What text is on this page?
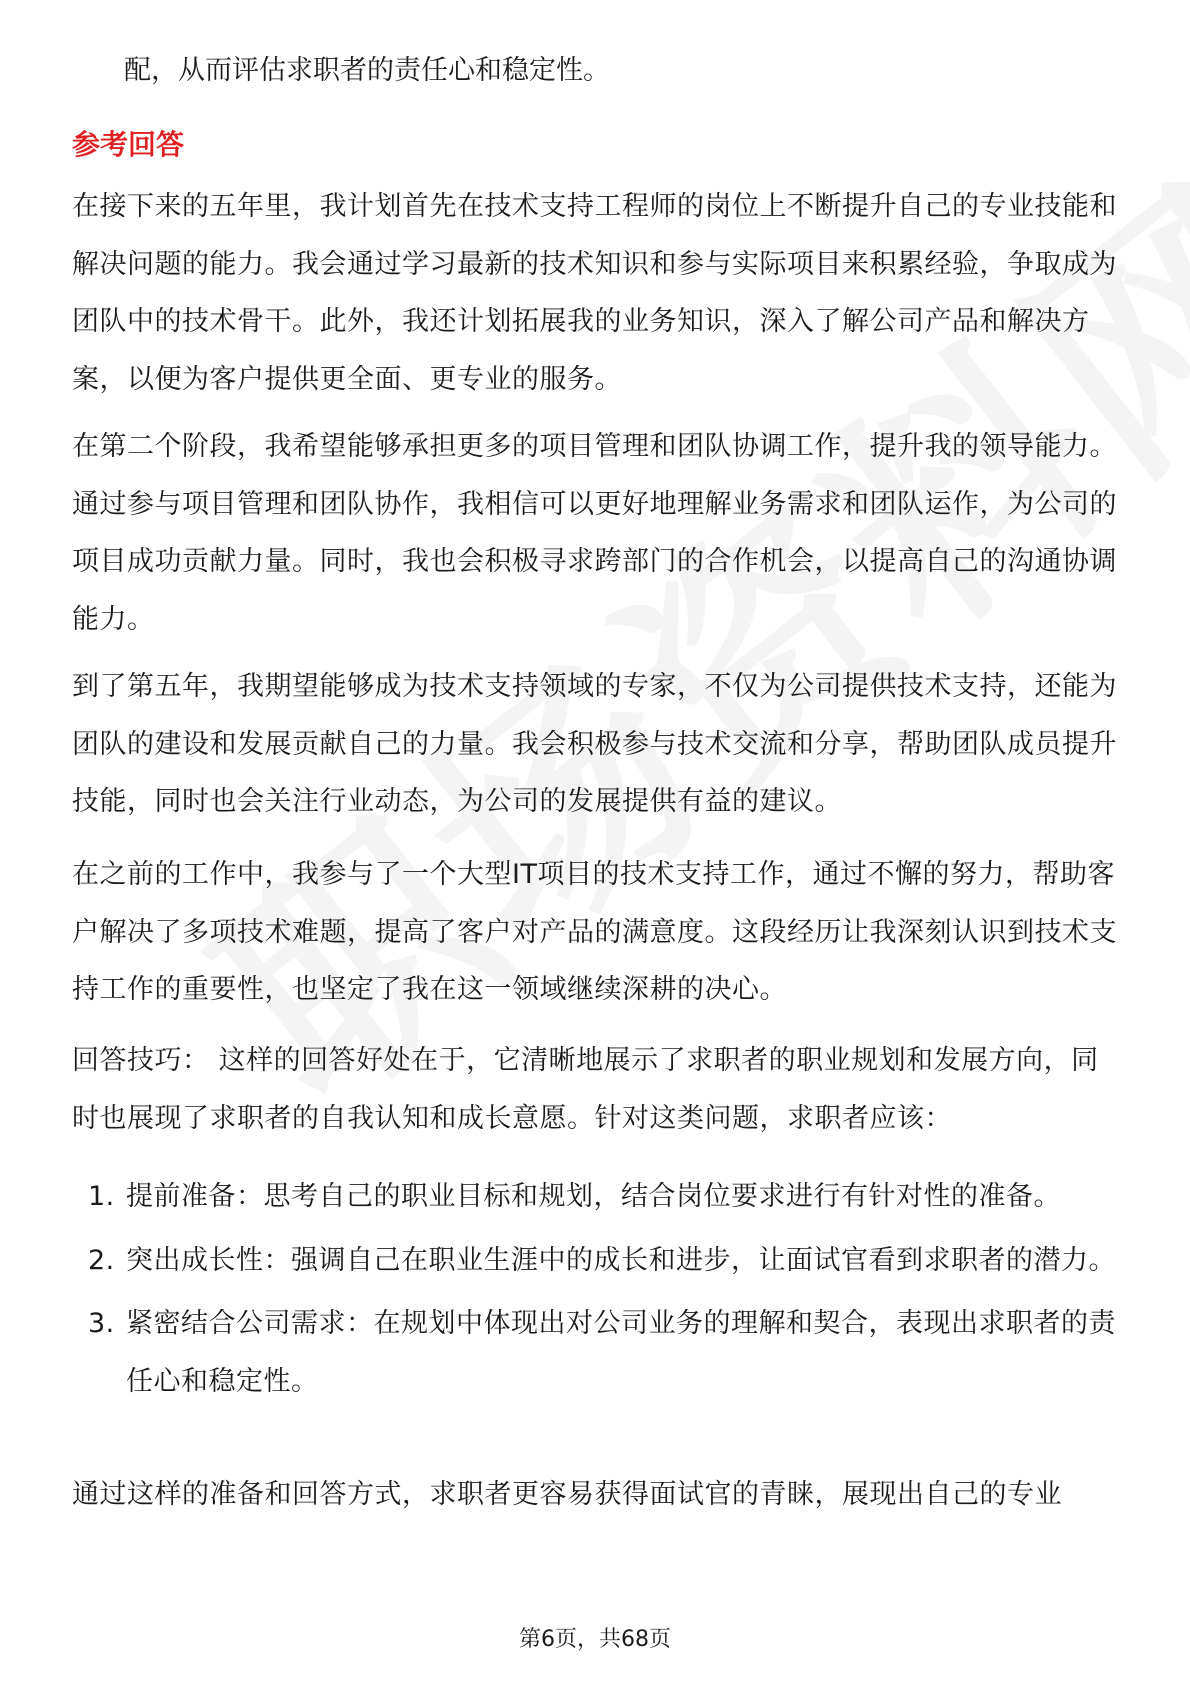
配，从而评估求职者的责任心和稳定性。
参考回答

在接下来的五年里，我计划首先在技术支持工程师的岗位上不断提升自己的专业技能和解决问题的能力。我会通过学习最新的技术知识和参与实际项目来积累经验，争取成为团队中的技术骨干。此外，我还计划拓展我的业务知识，深入了解公司产品和解决方案，以便为客户提供更全面、更专业的服务。

在第二个阶段，我希望能够承担更多的项目管理和团队协调工作，提升我的领导能力。通过参与项目管理和团队协作，我相信可以更好地理解业务需求和团队运作，为公司的项目成功贡献力量。同时，我也会积极寻求跨部门的合作机会，以提高自己的沟通协调能力。

到了第五年，我期望能够成为技术支持领域的专家，不仅为公司提供技术支持，还能为团队的建设和发展贡献自己的力量。我会积极参与技术交流和分享，帮助团队成员提升技能，同时也会关注行业动态，为公司的发展提供有益的建议。

在之前的工作中，我参与了一个大型IT项目的技术支持工作，通过不懈的努力，帮助客户解决了多项技术难题，提高了客户对产品的满意度。这段经历让我深刻认识到技术支持工作的重要性，也坚定了我在这一领域继续深耕的决心。

回答技巧： 这样的回答好处在于，它清晰地展示了求职者的职业规划和发展方向，同时也展现了求职者的自我认知和成长意愿。针对这类问题，求职者应该：

1. 提前准备：思考自己的职业目标和规划，结合岗位要求进行有针对性的准备。
2. 突出成长性：强调自己在职业生涯中的成长和进步，让面试官看到求职者的潜力。
3. 紧密结合公司需求：在规划中体现出对公司业务的理解和契合，表现出求职者的责任心和稳定性。

通过这样的准备和回答方式，求职者更容易获得面试官的青睐，展现出自己的专业

第6页，共68页
